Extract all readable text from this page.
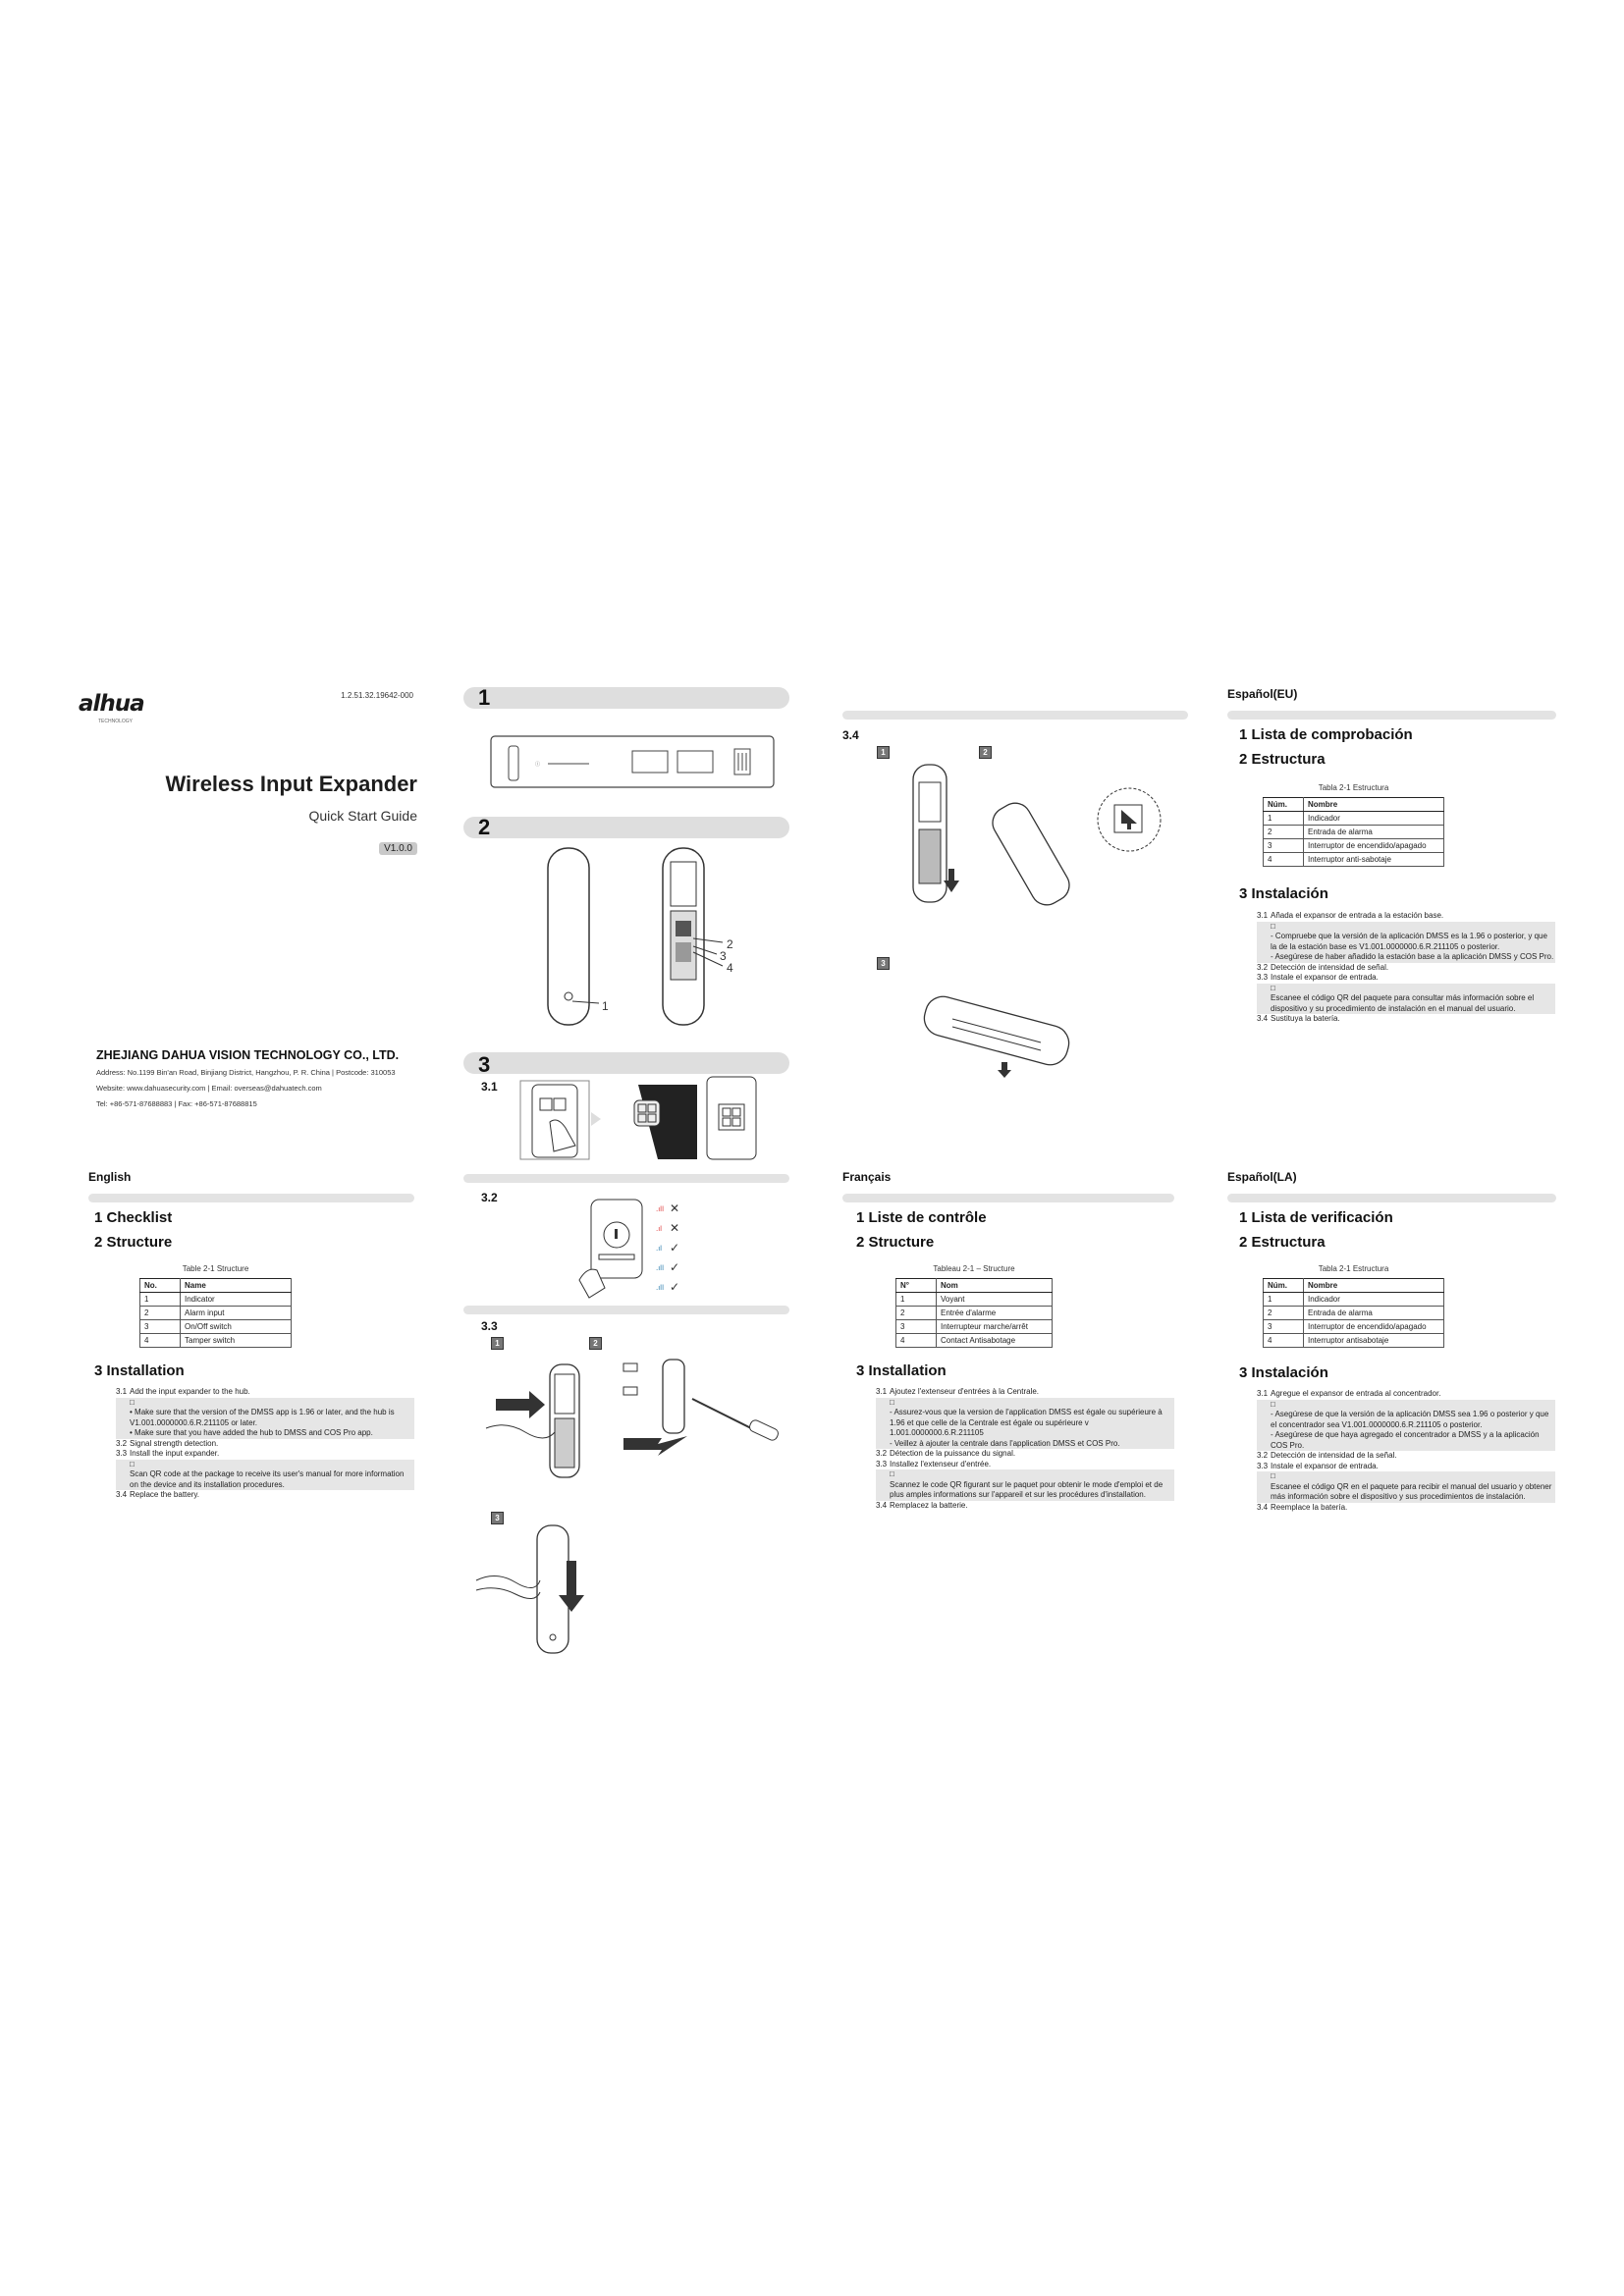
alhua
TECHNOLOGY
1.2.51.32.19642-000
Wireless Input Expander
Quick Start Guide
V1.0.0
ZHEJIANG DAHUA VISION TECHNOLOGY CO., LTD.
Address: No.1199 Bin'an Road, Binjiang District, Hangzhou, P. R. China | Postcode: 310053
Website: www.dahuasecurity.com | Email: overseas@dahuatech.com
Tel: +86-571-87688883 | Fax: +86-571-87688815
English
1 Checklist
2 Structure
Table 2-1 Structure
No.	Name
1	Indicator
2	Alarm input
3	On/Off switch
4	Tamper switch
3 Installation
3.1 Add the input expander to the hub.
□
• Make sure that the version of the DMSS app is 1.96 or later, and the hub is V1.001.0000000.6.R.211105 or later.
• Make sure that you have added the hub to DMSS and COS Pro app.
3.2 Signal strength detection.
3.3 Install the input expander.
□
Scan QR code at the package to receive its user's manual for more information on the device and its installation procedures.
3.4 Replace the battery.
1
ⓘ
2
1
2
3
4
3
3.1
3.2
.ıll ✕
.ıl ✕
.ıl ✓
.ıll ✓
.ıll ✓
3.3
1	2
3
3.4
1	2
3
Français
1 Liste de contrôle
2 Structure
Tableau 2-1 – Structure
N°	Nom
1	Voyant
2	Entrée d'alarme
3	Interrupteur marche/arrêt
4	Contact Antisabotage
3 Installation
3.1 Ajoutez l'extenseur d'entrées à la Centrale.
□
- Assurez-vous que la version de l'application DMSS est égale ou supérieure à 1.96 et que celle de la Centrale est égale ou supérieure v 1.001.0000000.6.R.211105
- Veillez à ajouter la centrale dans l'application DMSS et COS Pro.
3.2 Détection de la puissance du signal.
3.3 Installez l'extenseur d'entrée.
□
Scannez le code QR figurant sur le paquet pour obtenir le mode d'emploi et de plus amples informations sur l'appareil et sur les procédures d'installation.
3.4 Remplacez la batterie.
Español(EU)
1 Lista de comprobación
2 Estructura
Tabla 2-1 Estructura
Núm.	Nombre
1	Indicador
2	Entrada de alarma
3	Interruptor de encendido/apagado
4	Interruptor anti-sabotaje
3 Instalación
3.1 Añada el expansor de entrada a la estación base.
□
- Compruebe que la versión de la aplicación DMSS es la 1.96 o posterior, y que la de la estación base es V1.001.0000000.6.R.211105 o posterior.
- Asegúrese de haber añadido la estación base a la aplicación DMSS y COS Pro.
3.2 Detección de intensidad de señal.
3.3 Instale el expansor de entrada.
□
Escanee el código QR del paquete para consultar más información sobre el dispositivo y su procedimiento de instalación en el manual del usuario.
3.4 Sustituya la batería.
Español(LA)
1 Lista de verificación
2 Estructura
Tabla 2-1 Estructura
Núm.	Nombre
1	Indicador
2	Entrada de alarma
3	Interruptor de encendido/apagado
4	Interruptor antisabotaje
3 Instalación
3.1 Agregue el expansor de entrada al concentrador.
□
- Asegúrese de que la versión de la aplicación DMSS sea 1.96 o posterior y que el concentrador sea V1.001.0000000.6.R.211105 o posterior.
- Asegúrese de que haya agregado el concentrador a DMSS y a la aplicación COS Pro.
3.2 Detección de intensidad de la señal.
3.3 Instale el expansor de entrada.
□
Escanee el código QR en el paquete para recibir el manual del usuario y obtener más información sobre el dispositivo y sus procedimientos de instalación.
3.4 Reemplace la batería.
